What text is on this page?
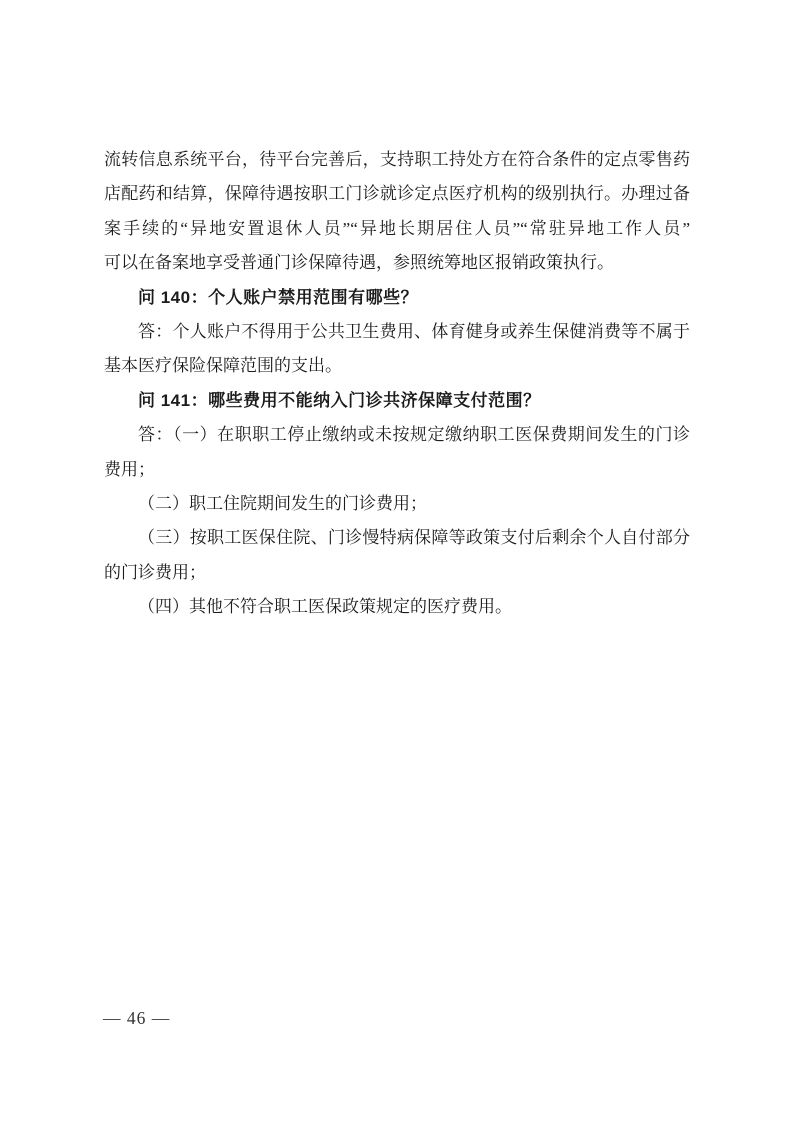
流转信息系统平台，待平台完善后，支持职工持处方在符合条件的定点零售药
店配药和结算，保障待遇按职工门诊就诊定点医疗机构的级别执行。办理过备
案手续的“异地安置退休人员”“异地长期居住人员”“常驻异地工作人员”
可以在备案地享受普通门诊保障待遇，参照统筹地区报销政策执行。

问 140：个人账户禁用范围有哪些？

答：个人账户不得用于公共卫生费用、体育健身或养生保健消费等不属于
基本医疗保险保障范围的支出。

问 141：哪些费用不能纳入门诊共济保障支付范围？

答：（一）在职职工停止缴纳或未按规定缴纳职工医保费期间发生的门诊
费用；

（二）职工住院期间发生的门诊费用；

（三）按职工医保住院、门诊慢特病保障等政策支付后剩余个人自付部分
的门诊费用；

（四）其他不符合职工医保政策规定的医疗费用。

— 46 —
